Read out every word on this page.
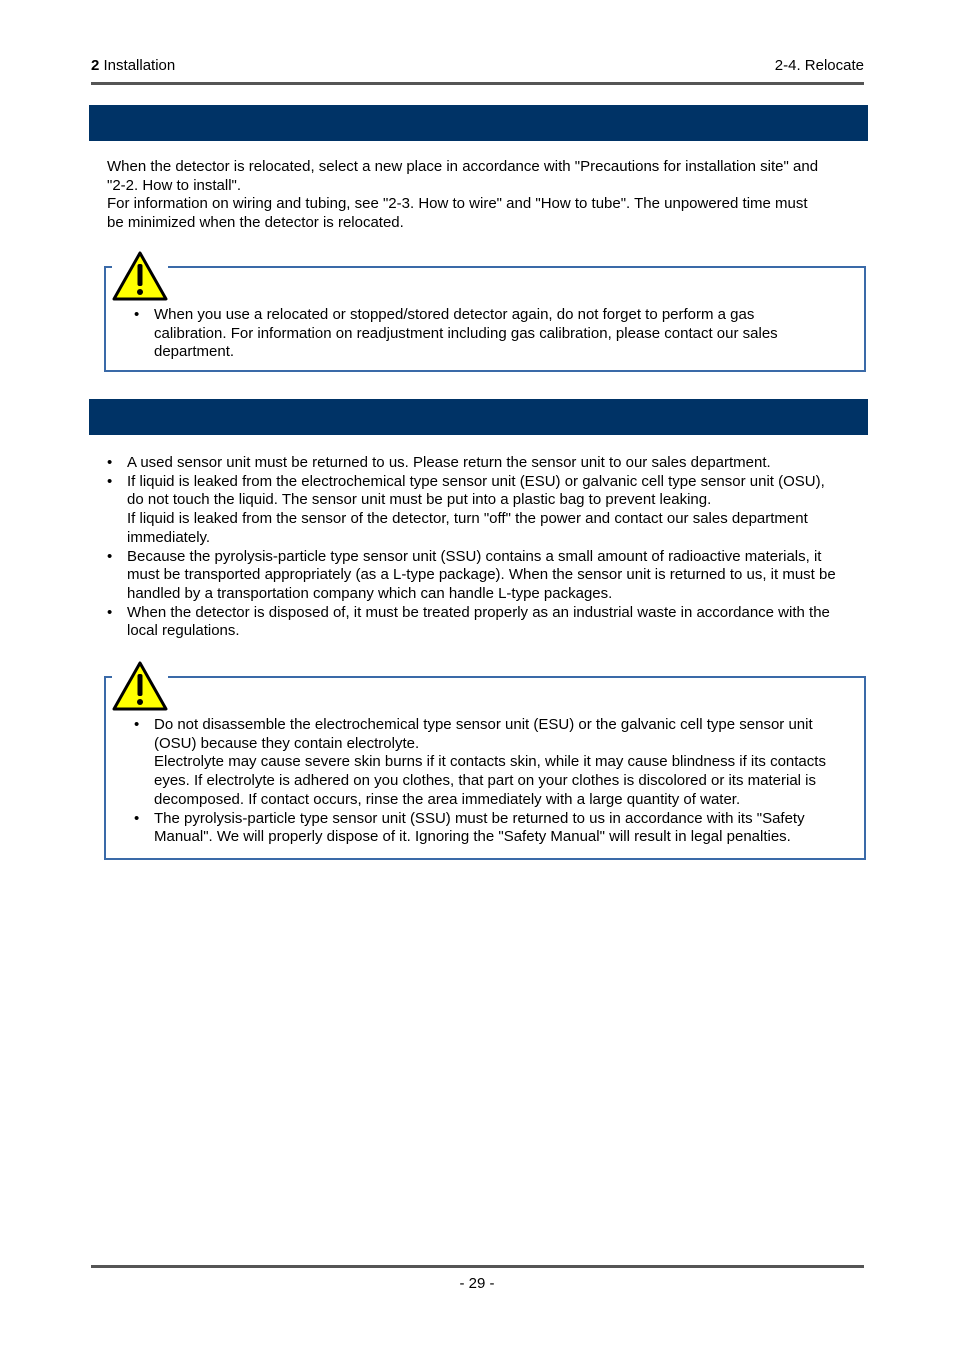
2 Installation	2-4. Relocate
When the detector is relocated, select a new place in accordance with "Precautions for installation site" and
"2-2. How to install".
For information on wiring and tubing, see "2-3. How to wire" and "How to tube". The unpowered time must
be minimized when the detector is relocated.
• When you use a relocated or stopped/stored detector again, do not forget to perform a gas
calibration. For information on readjustment including gas calibration, please contact our sales
department.
• A used sensor unit must be returned to us. Please return the sensor unit to our sales department.
• If liquid is leaked from the electrochemical type sensor unit (ESU) or galvanic cell type sensor unit (OSU),
do not touch the liquid. The sensor unit must be put into a plastic bag to prevent leaking.
If liquid is leaked from the sensor of the detector, turn "off" the power and contact our sales department
immediately.
• Because the pyrolysis-particle type sensor unit (SSU) contains a small amount of radioactive materials, it
must be transported appropriately (as a L-type package). When the sensor unit is returned to us, it must be
handled by a transportation company which can handle L-type packages.
• When the detector is disposed of, it must be treated properly as an industrial waste in accordance with the
local regulations.
• Do not disassemble the electrochemical type sensor unit (ESU) or the galvanic cell type sensor unit
(OSU) because they contain electrolyte.
Electrolyte may cause severe skin burns if it contacts skin, while it may cause blindness if its contacts
eyes. If electrolyte is adhered on you clothes, that part on your clothes is discolored or its material is
decomposed. If contact occurs, rinse the area immediately with a large quantity of water.
• The pyrolysis-particle type sensor unit (SSU) must be returned to us in accordance with its "Safety
Manual". We will properly dispose of it. Ignoring the "Safety Manual" will result in legal penalties.
- 29 -
